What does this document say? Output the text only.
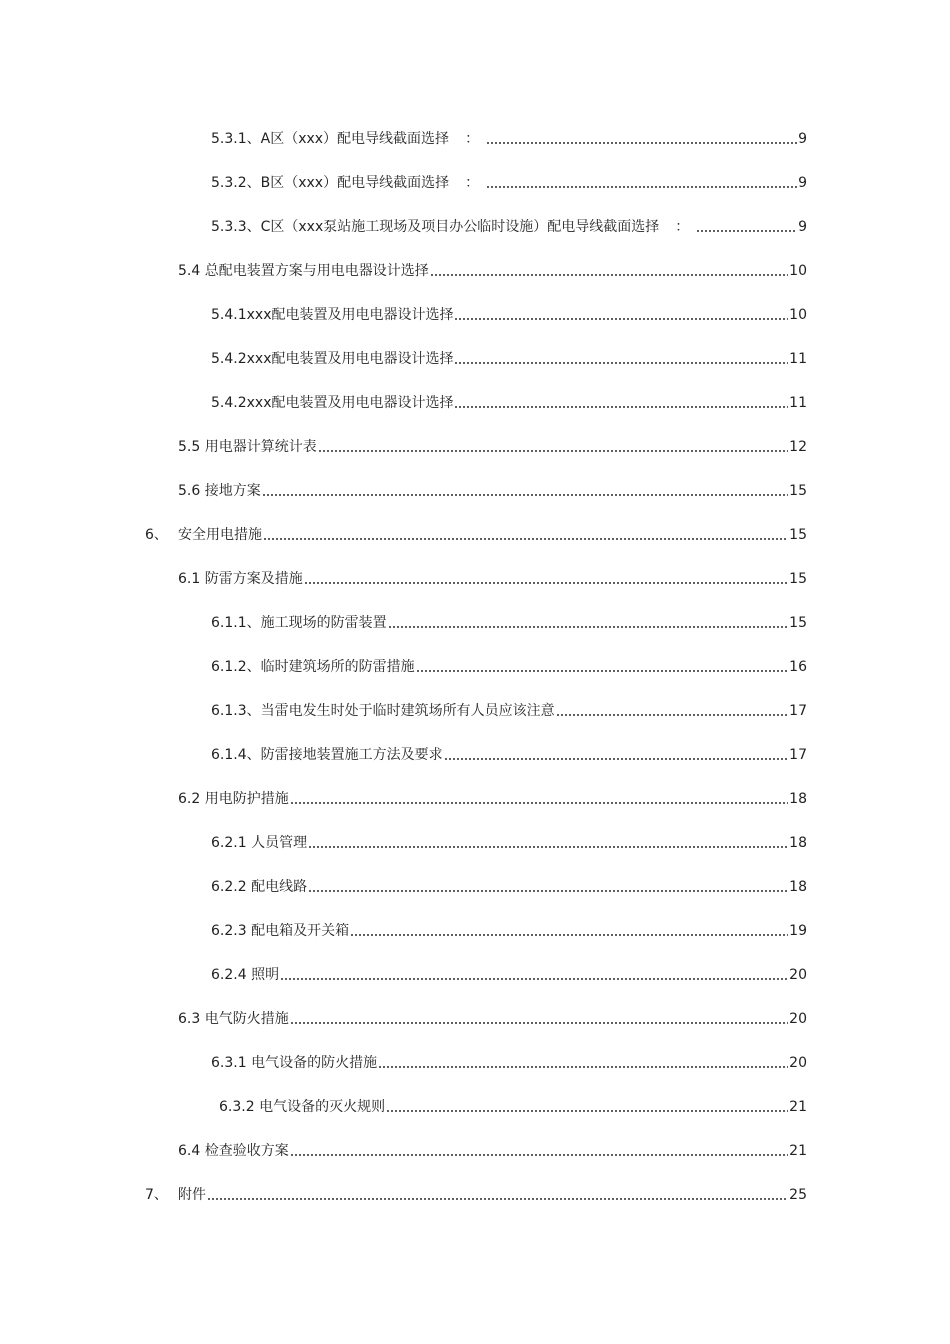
5.3.1、A区（xxx）配电导线截面选择	：	9
5.3.2、B区（xxx）配电导线截面选择	：	9
5.3.3、C区（xxx泵站施工现场及项目办公临时设施）配电导线截面选择	：	9
5.4 总配电装置方案与用电电器设计选择	10
5.4.1xxx配电装置及用电电器设计选择	10
5.4.2xxx配电装置及用电电器设计选择	11
5.4.2xxx配电装置及用电电器设计选择	11
5.5 用电器计算统计表	12
5.6 接地方案	15
6、 安全用电措施	15
6.1 防雷方案及措施	15
6.1.1、施工现场的防雷装置	15
6.1.2、临时建筑场所的防雷措施	16
6.1.3、当雷电发生时处于临时建筑场所有人员应该注意	17
6.1.4、防雷接地装置施工方法及要求	17
6.2 用电防护措施	18
6.2.1 人员管理	18
6.2.2 配电线路	18
6.2.3 配电箱及开关箱	19
6.2.4 照明	20
6.3 电气防火措施	20
6.3.1 电气设备的防火措施	20
6.3.2 电气设备的灭火规则	21
6.4 检查验收方案	21
7、 附件	25
